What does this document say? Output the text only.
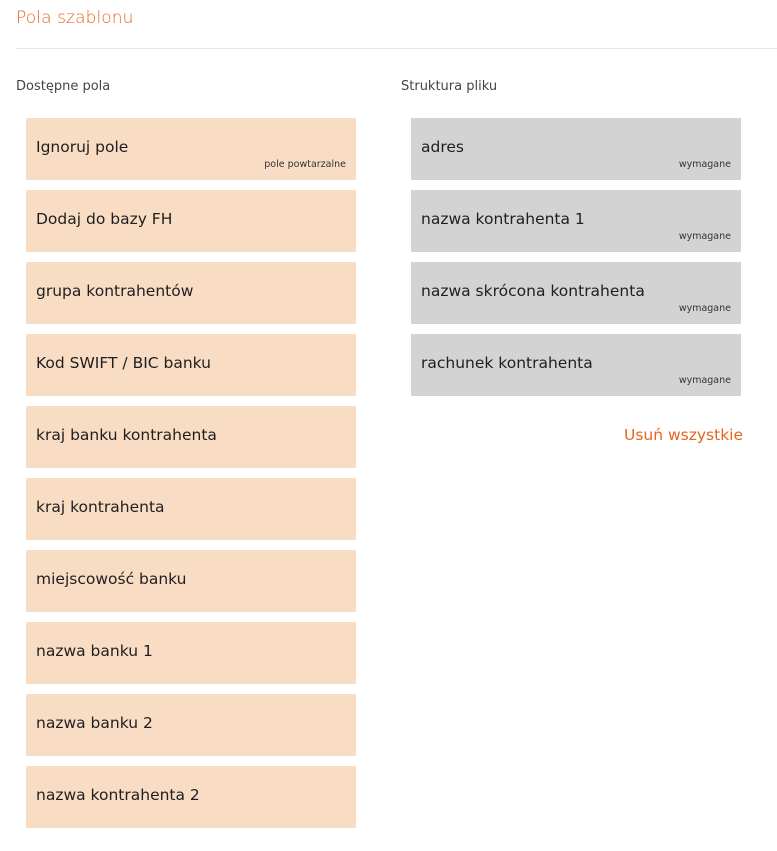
Pola szablonu
Dostępne pola	Struktura pliku
Ignoruj pole
pole powtarzalne
Dodaj do bazy FH
grupa kontrahentów
Kod SWIFT / BIC banku
kraj banku kontrahenta
kraj kontrahenta
miejscowość banku
nazwa banku 1
nazwa banku 2
nazwa kontrahenta 2
adres
wymagane
nazwa kontrahenta 1
wymagane
nazwa skrócona kontrahenta
wymagane
rachunek kontrahenta
wymagane
Usuń wszystkie
